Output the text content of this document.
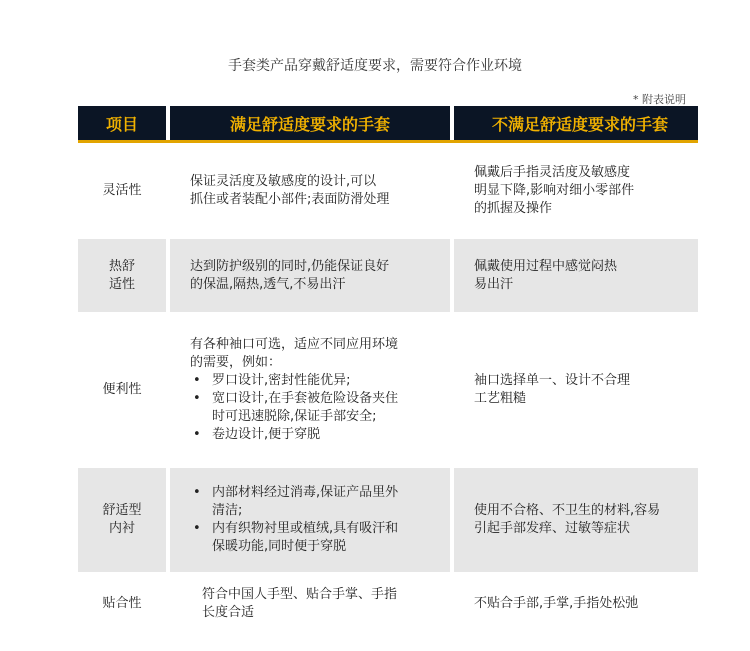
手套类产品穿戴舒适度要求，需要符合作业环境
* 附表说明
项目	满足舒适度要求的手套	不满足舒适度要求的手套
灵活性
保证灵活度及敏感度的设计,可以
抓住或者装配小部件;表面防滑处理
佩戴后手指灵活度及敏感度
明显下降,影响对细小零部件
的抓握及操作
热舒
适性
达到防护级别的同时,仍能保证良好
的保温,隔热,透气,不易出汗
佩戴使用过程中感觉闷热
易出汗
便利性
有各种袖口可选，适应不同应用环境
的需要，例如：
• 罗口设计,密封性能优异;
• 宽口设计,在手套被危险设备夹住
时可迅速脱除,保证手部安全;
• 卷边设计,便于穿脱
袖口选择单一、设计不合理
工艺粗糙
舒适型
内衬
• 内部材料经过消毒,保证产品里外
清洁;
• 内有织物衬里或植绒,具有吸汗和
保暖功能,同时便于穿脱
使用不合格、不卫生的材料,容易
引起手部发痒、过敏等症状
贴合性
符合中国人手型、贴合手掌、手指
长度合适
不贴合手部,手掌,手指处松弛
